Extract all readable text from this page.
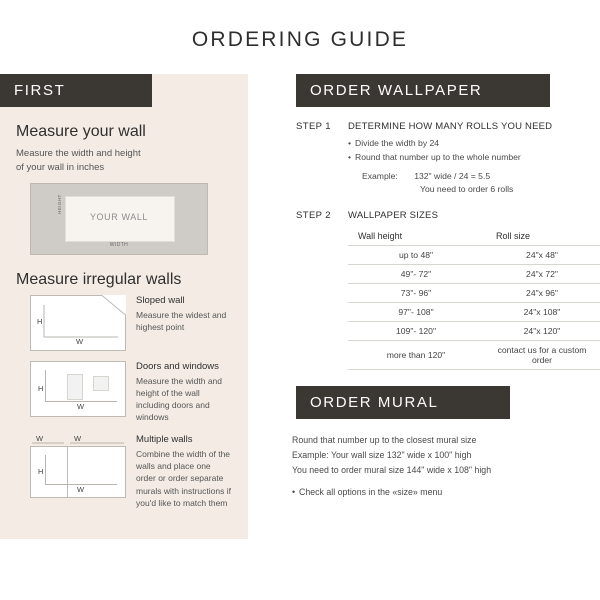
ORDERING GUIDE
FIRST
Measure your wall
Measure the width and height
of your wall in inches
YOUR WALL
HEIGHT
WIDTH
Measure irregular walls
H
W
Sloped wall
Measure the widest and highest point
H
W
Doors and windows
Measure the width and height of the wall including doors and windows
W	W
H
W
Multiple walls
Combine the width of the walls and place one order or order separate murals with instructions if you'd like to match them
ORDER WALLPAPER
STEP 1	DETERMINE HOW MANY ROLLS YOU NEED
• Divide the width by 24
• Round that number up to the whole number
Example: 132" wide / 24 = 5.5
You need to order 6 rolls
STEP 2	WALLPAPER SIZES
Wall height	Roll size
up to 48"	24"x 48"
49"- 72"	24"x 72"
73"- 96"	24"x 96"
97"- 108"	24"x 108"
109"- 120"	24"x 120"
more than 120"	contact us for a custom order
ORDER MURAL
Round that number up to the closest mural size
Example: Your wall size 132" wide x 100" high
You need to order mural size 144" wide x 108" high
• Check all options in the «size» menu
